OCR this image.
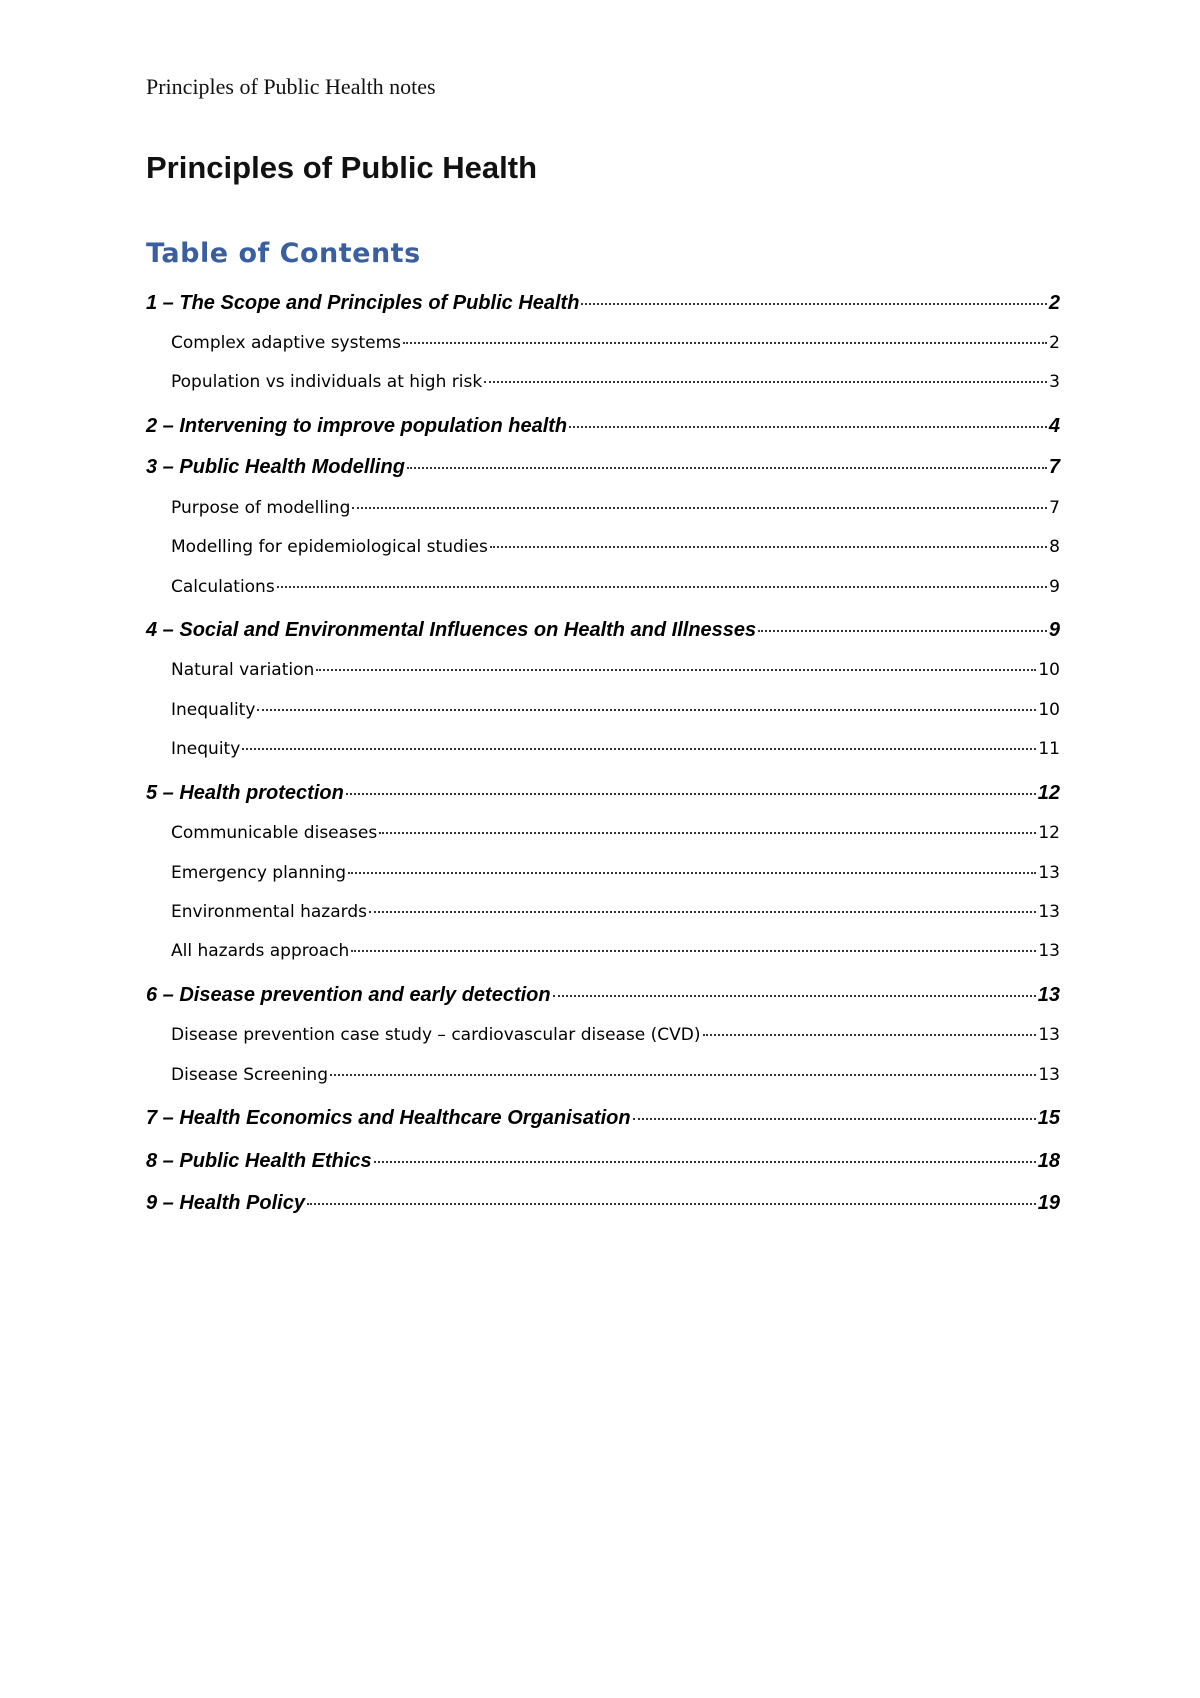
Principles of Public Health notes
Principles of Public Health
Table of Contents
1 – The Scope and Principles of Public Health	2
Complex adaptive systems	2
Population vs individuals at high risk	3
2 – Intervening to improve population health	4
3 – Public Health Modelling	7
Purpose of modelling	7
Modelling for epidemiological studies	8
Calculations	9
4 – Social and Environmental Influences on Health and Illnesses	9
Natural variation	10
Inequality	10
Inequity	11
5 – Health protection	12
Communicable diseases	12
Emergency planning	13
Environmental hazards	13
All hazards approach	13
6 – Disease prevention and early detection	13
Disease prevention case study – cardiovascular disease (CVD)	13
Disease Screening	13
7 – Health Economics and Healthcare Organisation	15
8 – Public Health Ethics	18
9 – Health Policy	19
